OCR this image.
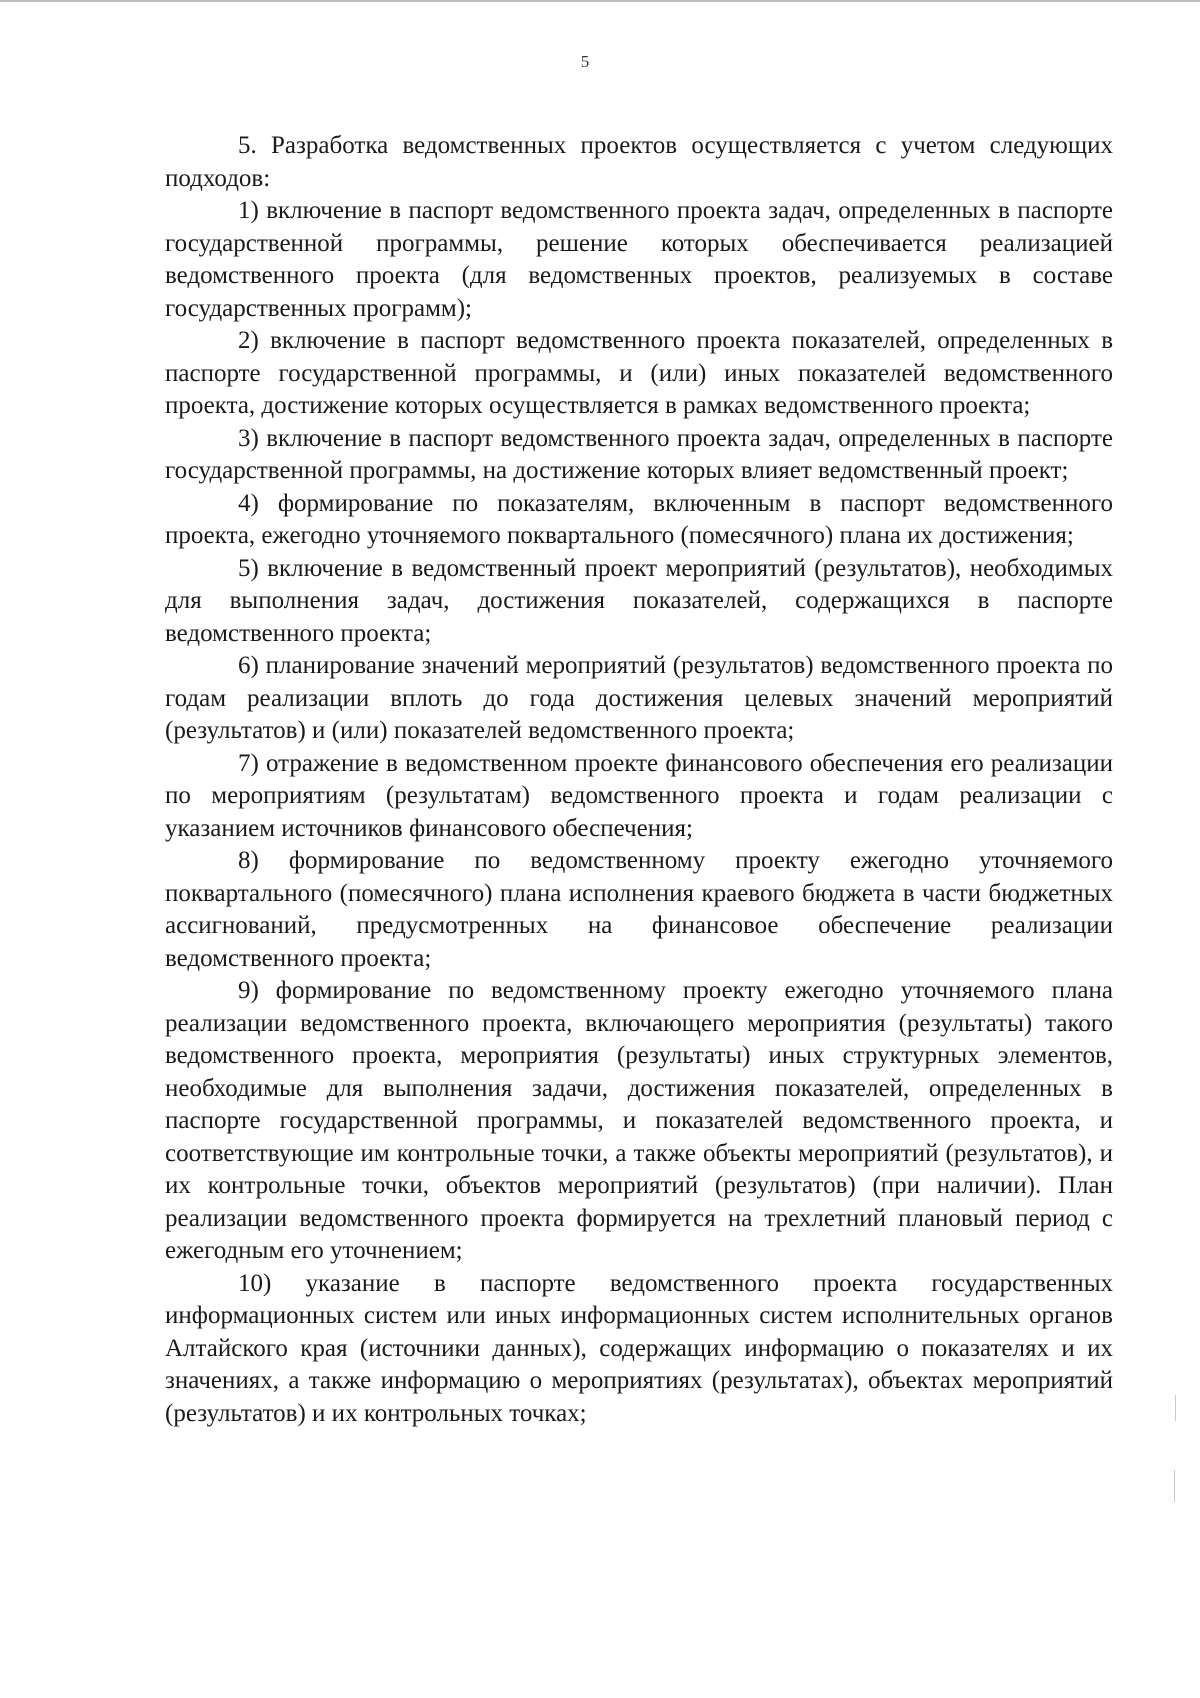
5

5. Разработка ведомственных проектов осуществляется с учетом следующих подходов:

1) включение в паспорт ведомственного проекта задач, определенных в паспорте государственной программы, решение которых обеспечивается реализацией ведомственного проекта (для ведомственных проектов, реализуемых в составе государственных программ);

2) включение в паспорт ведомственного проекта показателей, определенных в паспорте государственной программы, и (или) иных показателей ведомственного проекта, достижение которых осуществляется в рамках ведомственного проекта;

3) включение в паспорт ведомственного проекта задач, определенных в паспорте государственной программы, на достижение которых влияет ведомственный проект;

4) формирование по показателям, включенным в паспорт ведомственного проекта, ежегодно уточняемого поквартального (помесячного) плана их достижения;

5) включение в ведомственный проект мероприятий (результатов), необходимых для выполнения задач, достижения показателей, содержащихся в паспорте ведомственного проекта;

6) планирование значений мероприятий (результатов) ведомственного проекта по годам реализации вплоть до года достижения целевых значений мероприятий (результатов) и (или) показателей ведомственного проекта;

7) отражение в ведомственном проекте финансового обеспечения его реализации по мероприятиям (результатам) ведомственного проекта и годам реализации с указанием источников финансового обеспечения;

8) формирование по ведомственному проекту ежегодно уточняемого поквартального (помесячного) плана исполнения краевого бюджета в части бюджетных ассигнований, предусмотренных на финансовое обеспечение реализации ведомственного проекта;

9) формирование по ведомственному проекту ежегодно уточняемого плана реализации ведомственного проекта, включающего мероприятия (результаты) такого ведомственного проекта, мероприятия (результаты) иных структурных элементов, необходимые для выполнения задачи, достижения показателей, определенных в паспорте государственной программы, и показателей ведомственного проекта, и соответствующие им контрольные точки, а также объекты мероприятий (результатов), и их контрольные точки, объектов мероприятий (результатов) (при наличии). План реализации ведомственного проекта формируется на трехлетний плановый период с ежегодным его уточнением;

10) указание в паспорте ведомственного проекта государственных информационных систем или иных информационных систем исполнительных органов Алтайского края (источники данных), содержащих информацию о показателях и их значениях, а также информацию о мероприятиях (результатах), объектах мероприятий (результатов) и их контрольных точках;
